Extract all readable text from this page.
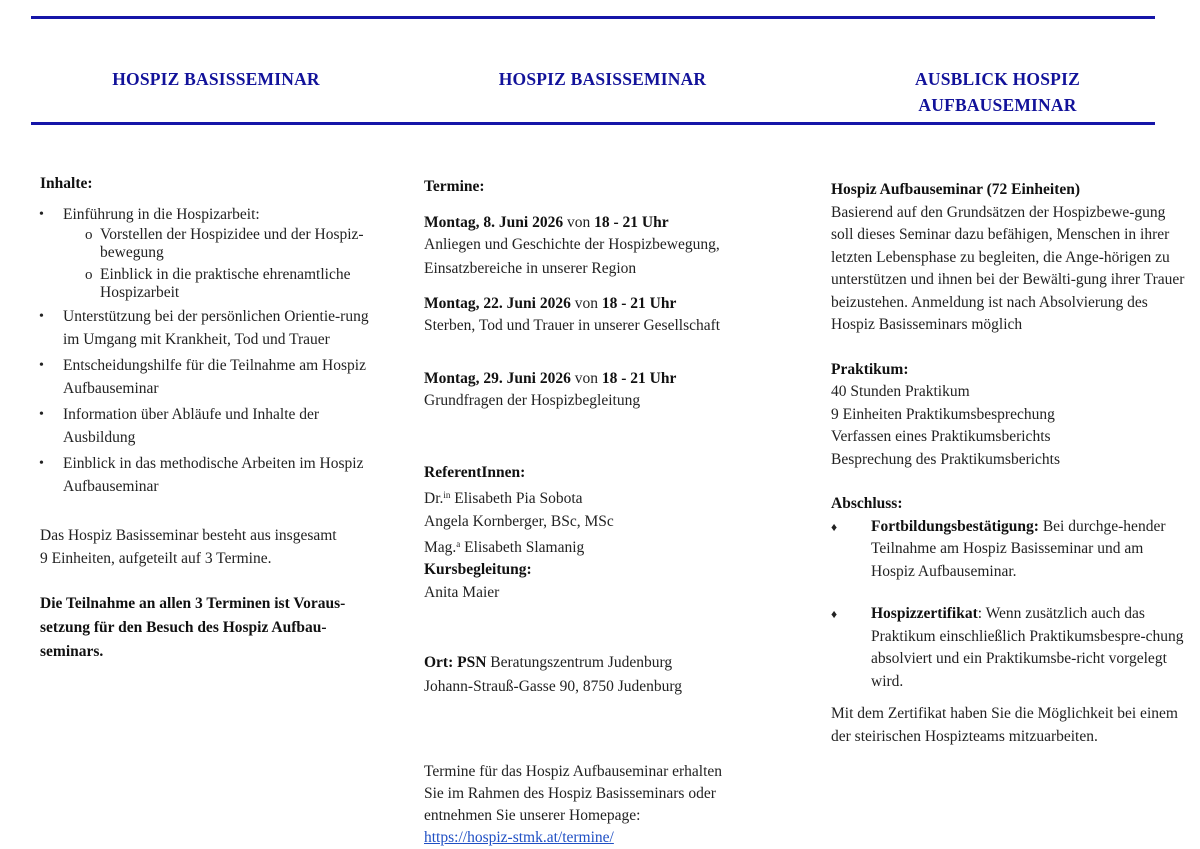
HOSPIZ BASISSEMINAR	HOSPIZ BASISSEMINAR	AUSBLICK HOSPIZ
AUFBAUSEMINAR
Inhalte:
• Einführung in die Hospizarbeit:
o Vorstellen der Hospizidee und der Hospiz-bewegung
o Einblick in die praktische ehrenamtliche Hospizarbeit
• Unterstützung bei der persönlichen Orientie-rung im Umgang mit Krankheit, Tod und Trauer
• Entscheidungshilfe für die Teilnahme am Hospiz Aufbauseminar
• Information über Abläufe und Inhalte der Ausbildung
• Einblick in das methodische Arbeiten im Hospiz Aufbauseminar
Das Hospiz Basisseminar besteht aus insgesamt
9 Einheiten, aufgeteilt auf 3 Termine.
Die Teilnahme an allen 3 Terminen ist Voraus-setzung für den Besuch des Hospiz Aufbau-seminars.
Termine:
Montag, 8. Juni 2026 von 18 - 21 Uhr
Anliegen und Geschichte der Hospizbewegung,
Einsatzbereiche in unserer Region
Montag, 22. Juni 2026 von 18 - 21 Uhr
Sterben, Tod und Trauer in unserer Gesellschaft
Montag, 29. Juni 2026 von 18 - 21 Uhr
Grundfragen der Hospizbegleitung
ReferentInnen:
Dr.$^{in}$ Elisabeth Pia Sobota
Angela Kornberger, BSc, MSc
Mag.$^a$ Elisabeth Slamanig
Kursbegleitung:
Anita Maier
Ort: PSN Beratungszentrum Judenburg
Johann-Strauß-Gasse 90, 8750 Judenburg
Termine für das Hospiz Aufbauseminar erhalten
Sie im Rahmen des Hospiz Basisseminars oder
entnehmen Sie unserer Homepage:
https://hospiz-stmk.at/termine/
Hospiz Aufbauseminar (72 Einheiten)
Basierend auf den Grundsätzen der Hospizbewe-gung soll dieses Seminar dazu befähigen, Menschen in ihrer letzten Lebensphase zu begleiten, die Ange-hörigen zu unterstützen und ihnen bei der Bewälti-gung ihrer Trauer beizustehen. Anmeldung ist nach Absolvierung des Hospiz Basisseminars möglich
Praktikum:
40 Stunden Praktikum
9 Einheiten Praktikumsbesprechung
Verfassen eines Praktikumsberichts
Besprechung des Praktikumsberichts
Abschluss:
♦ Fortbildungsbestätigung: Bei durchge-hender Teilnahme am Hospiz Basisseminar und am Hospiz Aufbauseminar.
♦ Hospizzertifikat: Wenn zusätzlich auch das Praktikum einschließlich Praktikumsbespre-chung absolviert und ein Praktikumsbe-richt vorgelegt wird.
Mit dem Zertifikat haben Sie die Möglichkeit bei einem der steirischen Hospizteams mitzuarbeiten.
